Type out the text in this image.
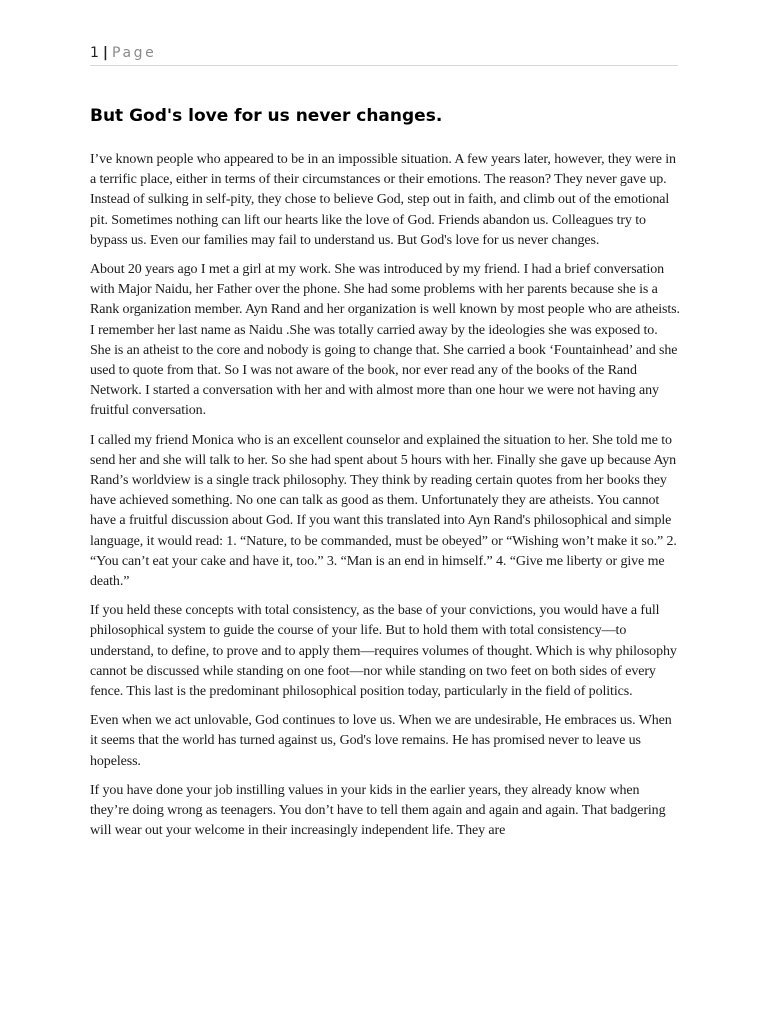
1 | Page
But God's love for us never changes.

I’ve known people who appeared to be in an impossible situation. A few years later, however, they were in a terrific place, either in terms of their circumstances or their emotions. The reason? They never gave up. Instead of sulking in self-pity, they chose to believe God, step out in faith, and climb out of the emotional pit. Sometimes nothing can lift our hearts like the love of God. Friends abandon us. Colleagues try to bypass us. Even our families may fail to understand us. But God's love for us never changes.

About 20 years ago I met a girl at my work. She was introduced by my friend. I had a brief conversation with Major Naidu, her Father over the phone. She had some problems with her parents because she is a Rank organization member. Ayn Rand and her organization is well known by most people who are atheists. I remember her last name as Naidu .She was totally carried away by the ideologies she was exposed to. She is an atheist to the core and nobody is going to change that. She carried a book ‘Fountainhead’ and she used to quote from that. So I was not aware of the book, nor ever read any of the books of the Rand Network. I started a conversation with her and with almost more than one hour we were not having any fruitful conversation.

I called my friend Monica who is an excellent counselor and explained the situation to her. She told me to send her and she will talk to her. So she had spent about 5 hours with her. Finally she gave up because Ayn Rand’s worldview is a single track philosophy. They think by reading certain quotes from her books they have achieved something. No one can talk as good as them. Unfortunately they are atheists. You cannot have a fruitful discussion about God. If you want this translated into Ayn Rand's philosophical and simple language, it would read: 1. “Nature, to be commanded, must be obeyed” or “Wishing won’t make it so.” 2. “You can’t eat your cake and have it, too.” 3. “Man is an end in himself.” 4. “Give me liberty or give me death.”

If you held these concepts with total consistency, as the base of your convictions, you would have a full philosophical system to guide the course of your life. But to hold them with total consistency—to understand, to define, to prove and to apply them—requires volumes of thought. Which is why philosophy cannot be discussed while standing on one foot—nor while standing on two feet on both sides of every fence. This last is the predominant philosophical position today, particularly in the field of politics.

Even when we act unlovable, God continues to love us. When we are undesirable, He embraces us. When it seems that the world has turned against us, God's love remains. He has promised never to leave us hopeless.

If you have done your job instilling values in your kids in the earlier years, they already know when they’re doing wrong as teenagers. You don’t have to tell them again and again and again. That badgering will wear out your welcome in their increasingly independent life. They are
